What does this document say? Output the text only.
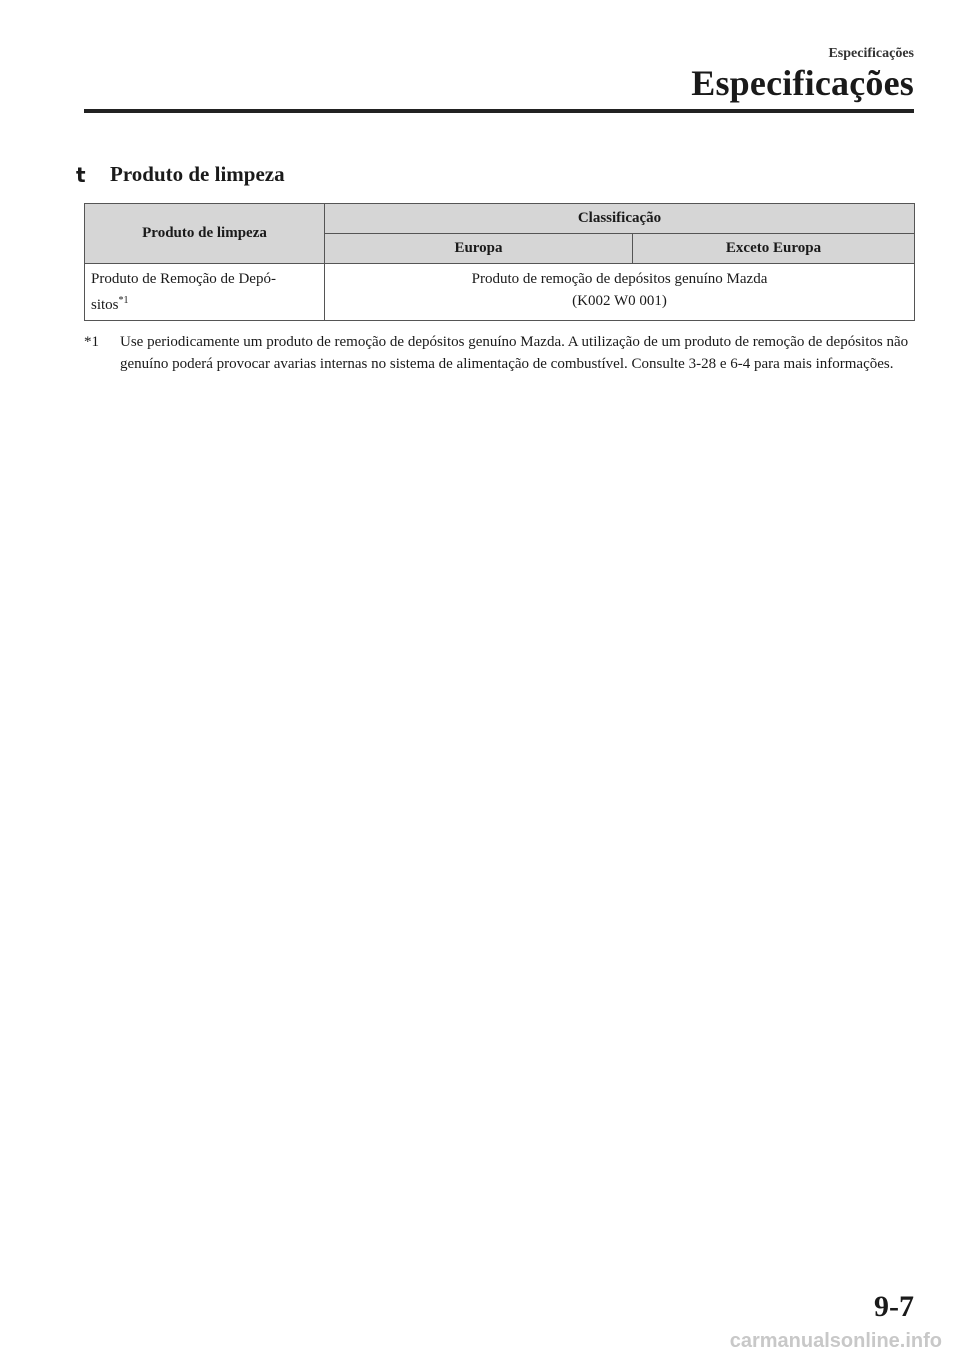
Especificações
Especificações
t	Produto de limpeza
Produto de limpeza	Classificação	
	Europa	Exceto Europa
Produto de Remoção de Depó-
sitos$^{*1}$	Produto de remoção de depósitos genuíno Mazda
(K002 W0 001)	
*1	Use periodicamente um produto de remoção de depósitos genuíno Mazda. A utilização de um produto de remoção de depósitos não genuíno poderá provocar avarias internas no sistema de alimentação de combustível. Consulte 3-28 e 6-4 para mais informações.
9-7
carmanualsonline.info
